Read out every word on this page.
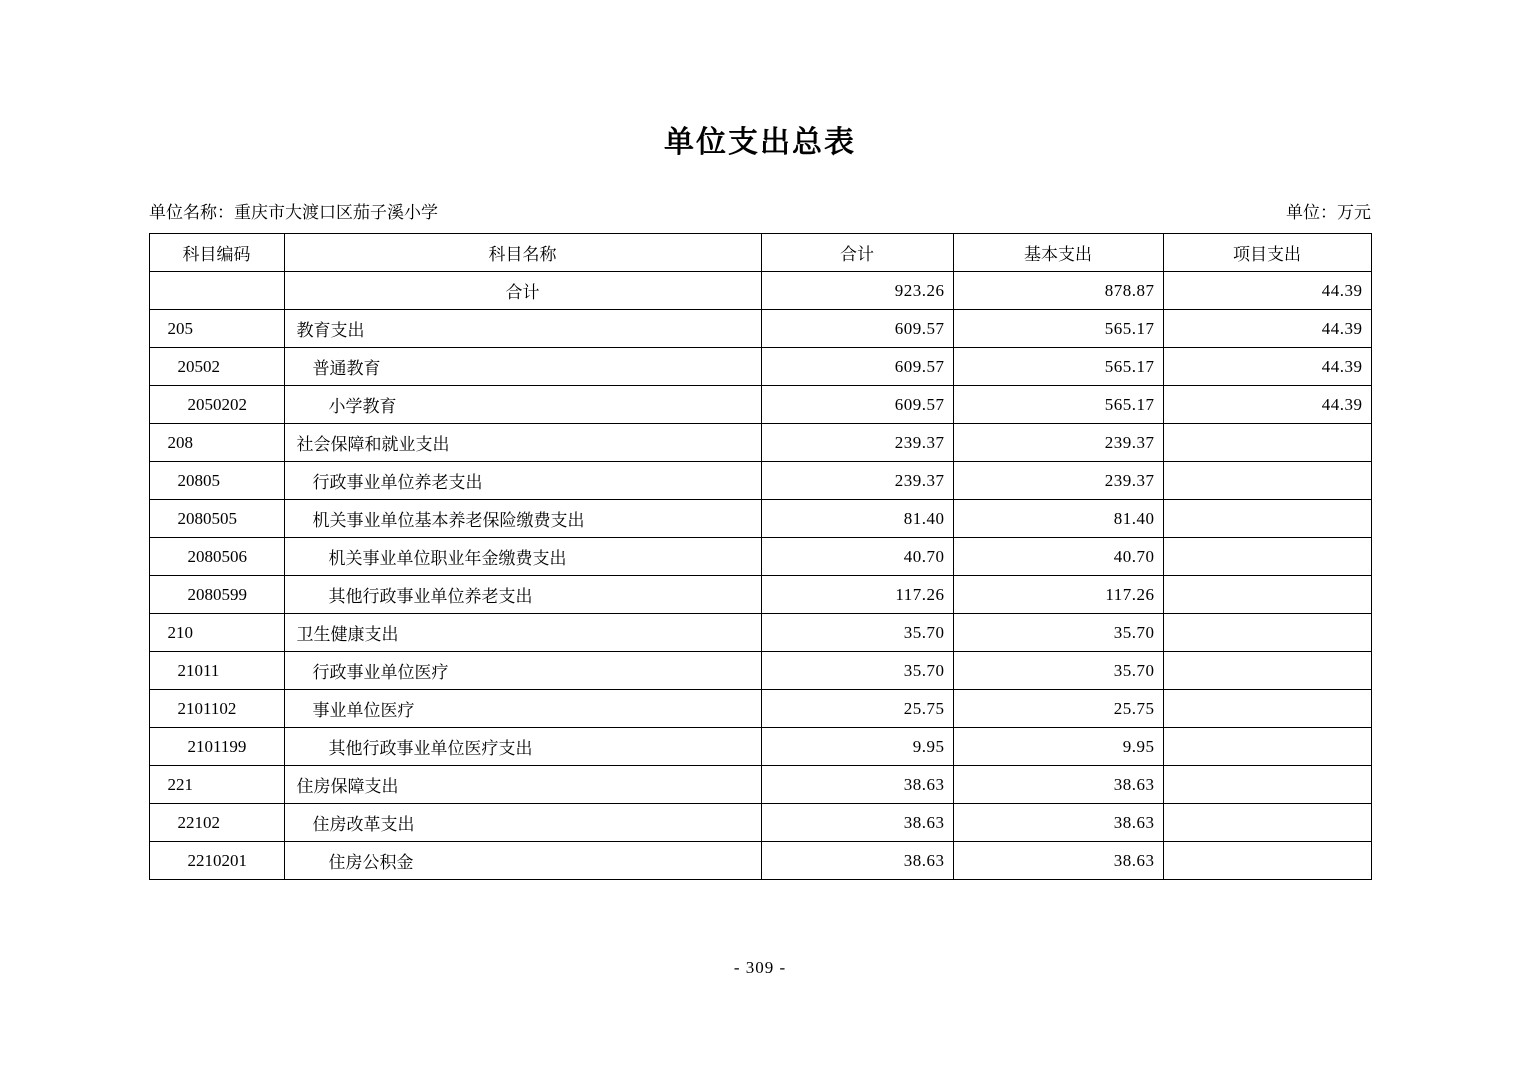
单位支出总表
单位名称：重庆市大渡口区茄子溪小学	单位：万元
科目编码	科目名称	合计	基本支出	项目支出
	合计	923.26	878.87	44.39
205	教育支出	609.57	565.17	44.39
20502	普通教育	609.57	565.17	44.39
2050202	小学教育	609.57	565.17	44.39
208	社会保障和就业支出	239.37	239.37	
20805	行政事业单位养老支出	239.37	239.37	
2080505	机关事业单位基本养老保险缴费支出	81.40	81.40	
2080506	机关事业单位职业年金缴费支出	40.70	40.70	
2080599	其他行政事业单位养老支出	117.26	117.26	
210	卫生健康支出	35.70	35.70	
21011	行政事业单位医疗	35.70	35.70	
2101102	事业单位医疗	25.75	25.75	
2101199	其他行政事业单位医疗支出	9.95	9.95	
221	住房保障支出	38.63	38.63	
22102	住房改革支出	38.63	38.63	
2210201	住房公积金	38.63	38.63	
- 309 -
